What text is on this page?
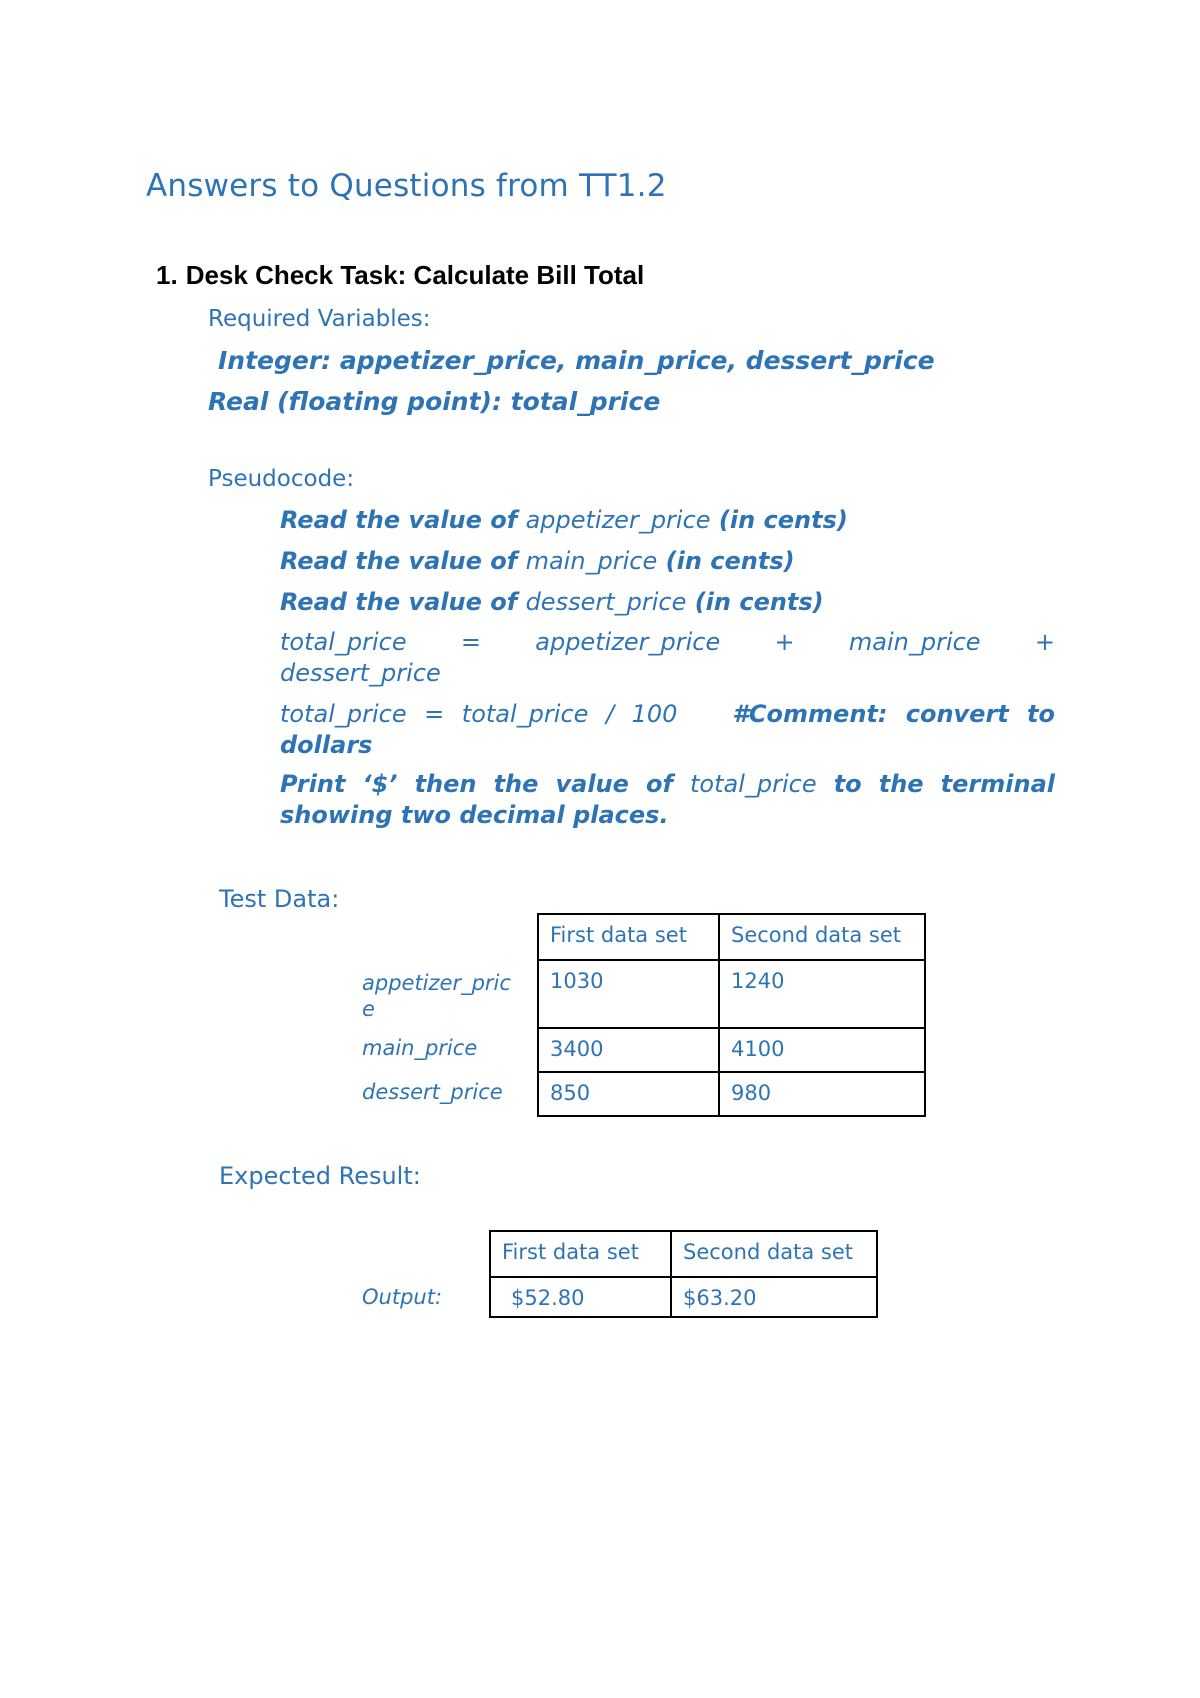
Answers to Questions from TT1.2
1. Desk Check Task: Calculate Bill Total
Required Variables:
Integer: appetizer_price, main_price, dessert_price
Real (floating point): total_price
Pseudocode:
Read the value of appetizer_price (in cents)
Read the value of main_price (in cents)
Read the value of dessert_price (in cents)
total_price = appetizer_price + main_price +
dessert_price
total_price = total_price / 100 #Comment: convert to dollars
Print ‘$’ then the value of total_price to the terminal showing two decimal places.
Test Data:
	First data set	Second data set
appetizer_price	1030	1240
main_price	3400	4100
dessert_price	850	980
Expected Result:
	First data set	Second data set
Output:	$52.80	$63.20
